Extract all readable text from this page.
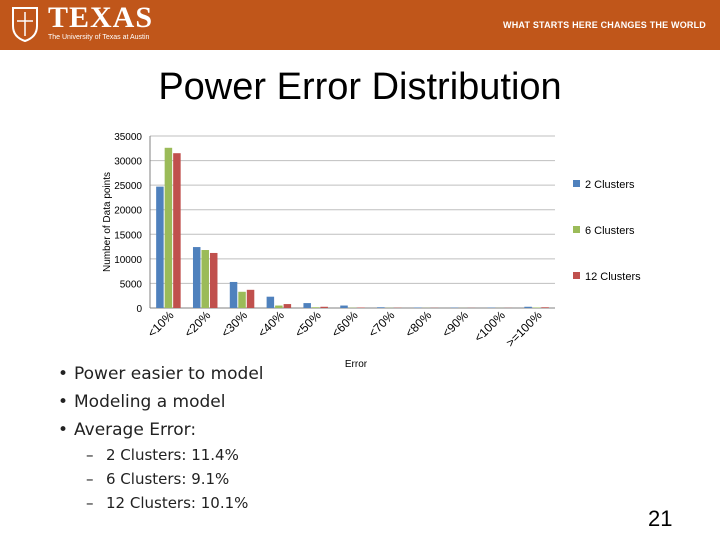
TEXAS
The University of Texas at Austin
WHAT STARTS HERE CHANGES THE WORLD
Power Error Distribution
0
5000
10000
15000
20000
25000
30000
35000
<10% <20% <30% <40% <50% <60% <70% <80% <90% <100%
>=100%
Number of Data points
Error
2 Clusters
6 Clusters
12 Clusters
• Power easier to model
• Modeling a model
• Average Error:
– 2 Clusters: 11.4%
– 6 Clusters: 9.1%
– 12 Clusters: 10.1%
21
